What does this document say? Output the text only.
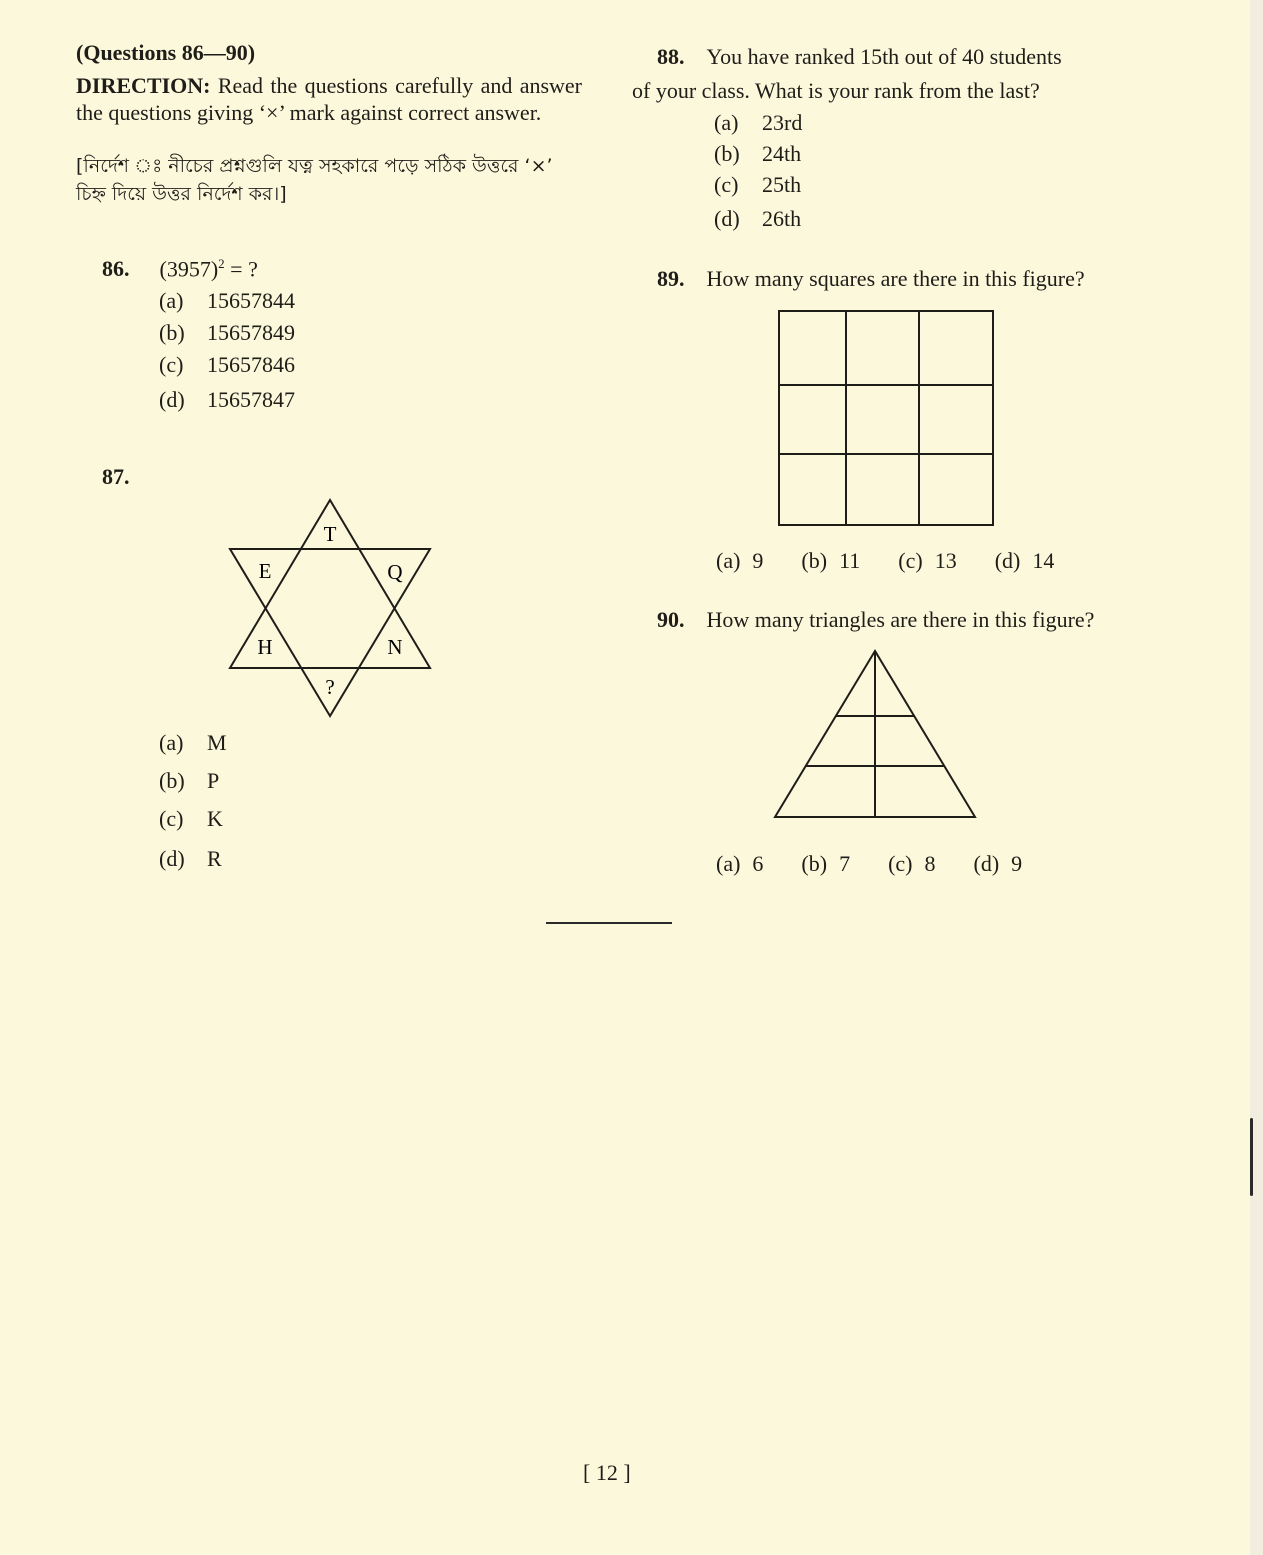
(Questions 86—90)

DIRECTION: Read the questions carefully and answer the questions giving ‘×’ mark against correct answer.

[নির্দেশ ঃ নীচের প্রশ্নগুলি যত্ন সহকারে পড়ে সঠিক উত্তরে ‘×’ চিহ্ন দিয়ে উত্তর নির্দেশ কর।]

86. $(3957)^2$ = ?
(a)	15657844
(b)	15657849
(c)	15657846
(d)	15657847
87.
T
E	Q
H	N
?
(a)	M
(b)	P
(c)	K
(d)	R
88. You have ranked 15th out of 40 students
of your class. What is your rank from the last?
(a)	23rd
(b)	24th
(c)	25th
(d)	26th
89. How many squares are there in this figure?
(a) 9 (b) 11 (c) 13 (d) 14
90. How many triangles are there in this figure?
(a) 6 (b) 7 (c) 8 (d) 9
[ 12 ]
